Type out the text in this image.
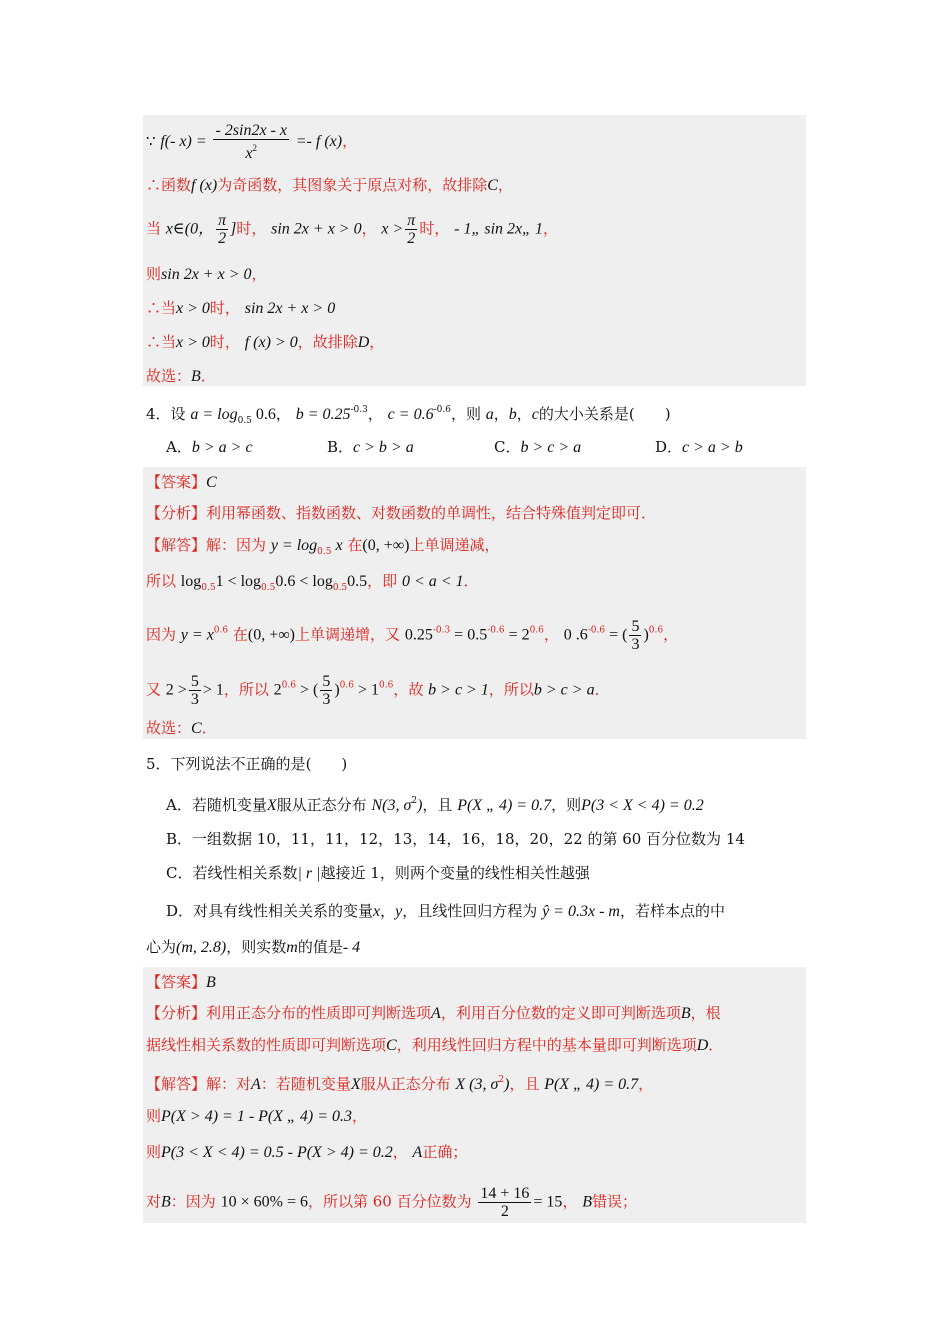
∵ f(- $x) = \frac{- 2\sin 2x - x}{x^2} =- f$ (x)，
∴函数f (x)为奇函数，其图象关于原点对称，故排除C，
当 x∈(0， $\frac{\pi}{2}$ ]时， sin 2x + x > 0， $x > \frac{\pi}{2}$ 时， - 1„ sin 2x„ 1，
则sin 2x + x > 0，
∴当x > 0时， sin 2x + x > 0
∴当x > 0时， f (x) > 0，故排除D，
故选：B．
4．设 $a = \log_{0.5} 0.6$， $b = 0.25^{-0.3}$， $c = 0.6^{-0.6}$，则 a，b，c的大小关系是(　　)
A．b > a > c	B．c > b > a	C．b > c > a	D．c > a > b
【答案】C
【分析】利用幂函数、指数函数、对数函数的单调性，结合特殊值判定即可．
【解答】解：因为 $y = \log_{0.5} x$ 在(0, +∞)上单调递减，
所以 $\log_{0.5}1 < \log_{0.5}0.6 < \log_{0.5}0.5$，即 0 < a < 1．
因为 $y = x^{0.6}$ 在(0, +∞)上单调递增，又 $0.25^{-0.3} = 0.5^{-0.6} = 2^{0.6}$， 0 $.6^{-0.6}$ = ( $\frac{5}{3} )^{0.6}$，
又 $2 > \frac{5}{3} > 1$，所以 $2^{0.6}$ > ( $\frac{5}{3} )^{0.6} > 1^{0.6}$，故 b > c > 1，所以b > c > a．
故选：C．
5．下列说法不正确的是(　　)
A．若随机变量X服从正态分布 N(3, $\sigma^2$)，且 P(X „ 4) = 0.7，则P(3 < X < 4) = 0.2
B．一组数据 10，11，11，12，13，14，16，18，20，22 的第 60 百分位数为 14
C．若线性相关系数| r |越接近 1，则两个变量的线性相关性越强
D．对具有线性相关关系的变量x，y，且线性回归方程为 ŷ = 0.3x - m，若样本点的中
心为(m, 2.8)，则实数m的值是- 4
【答案】B
【分析】利用正态分布的性质即可判断选项A，利用百分位数的定义即可判断选项B，根
据线性相关系数的性质即可判断选项C，利用线性回归方程中的基本量即可判断选项D．
【解答】解：对A：若随机变量X服从正态分布 X (3, $\sigma^2$)，且 P(X „ 4) = 0.7，
则P(X > 4) = 1 - P(X „ 4) = 0.3，
则P(3 < X < 4) = 0.5 - P(X > 4) = 0.2， A正确；
对B：因为 10 × 60% = 6，所以第 60 百分位数为 $\frac{14 + 16}{2} = 15$， B错误；
